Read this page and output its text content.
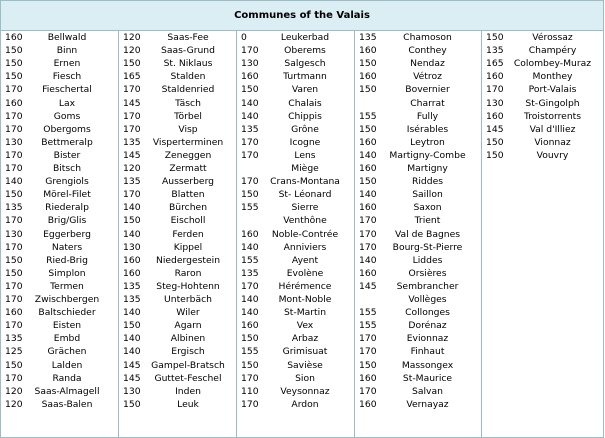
Communes of the Valais
160	Bellwald
150	Binn
150	Ernen
150	Fiesch
170	Fieschertal
160	Lax
170	Goms
170	Obergoms
130	Bettmeralp
170	Bister
170	Bitsch
140	Grengiols
150	Mörel-Filet
135	Riederalp
170	Brig/Glis
130	Eggerberg
170	Naters
150	Ried-Brig
150	Simplon
170	Termen
170	Zwischbergen
160	Baltschieder
170	Eisten
135	Embd
125	Grächen
150	Lalden
170	Randa
120	Saas-Almagell
120	Saas-Balen
120	Saas-Fee
120	Saas-Grund
150	St. Niklaus
165	Stalden
170	Staldenried
145	Täsch
170	Törbel
170	Visp
135	Visperterminen
145	Zeneggen
120	Zermatt
135	Ausserberg
170	Blatten
140	Bürchen
150	Eischoll
140	Ferden
130	Kippel
160	Niedergestein
160	Raron
135	Steg-Hohtenn
135	Unterbäch
140	Wiler
150	Agarn
140	Albinen
140	Ergisch
145	Gampel-Bratsch
145	Guttet-Feschel
130	Inden
150	Leuk
0	Leukerbad
170	Oberems
130	Salgesch
160	Turtmann
150	Varen
140	Chalais
140	Chippis
135	Grône
170	Icogne
170	Lens
Miège
170	Crans-Montana
150	St- Léonard
155	Sierre
Venthône
160	Noble-Contrée
140	Anniviers
155	Ayent
135	Evolène
170	Hérémence
140	Mont-Noble
140	St-Martin
160	Vex
150	Arbaz
155	Grimisuat
150	Savièse
170	Sion
110	Veysonnaz
170	Ardon
135	Chamoson
160	Conthey
150	Nendaz
160	Vétroz
150	Bovernier
Charrat
155	Fully
150	Isérables
160	Leytron
140	Martigny-Combe
160	Martigny
150	Riddes
140	Saillon
160	Saxon
170	Trient
170	Val de Bagnes
170	Bourg-St-Pierre
140	Liddes
160	Orsières
145	Sembrancher
Vollèges
155	Collonges
155	Dorénaz
170	Evionnaz
170	Finhaut
150	Massongex
160	St-Maurice
170	Salvan
160	Vernayaz
150	Vérossaz
135	Champéry
165	Colombey-Muraz
160	Monthey
170	Port-Valais
130	St-Gingolph
160	Troistorrents
145	Val d'Illiez
150	Vionnaz
150	Vouvry
